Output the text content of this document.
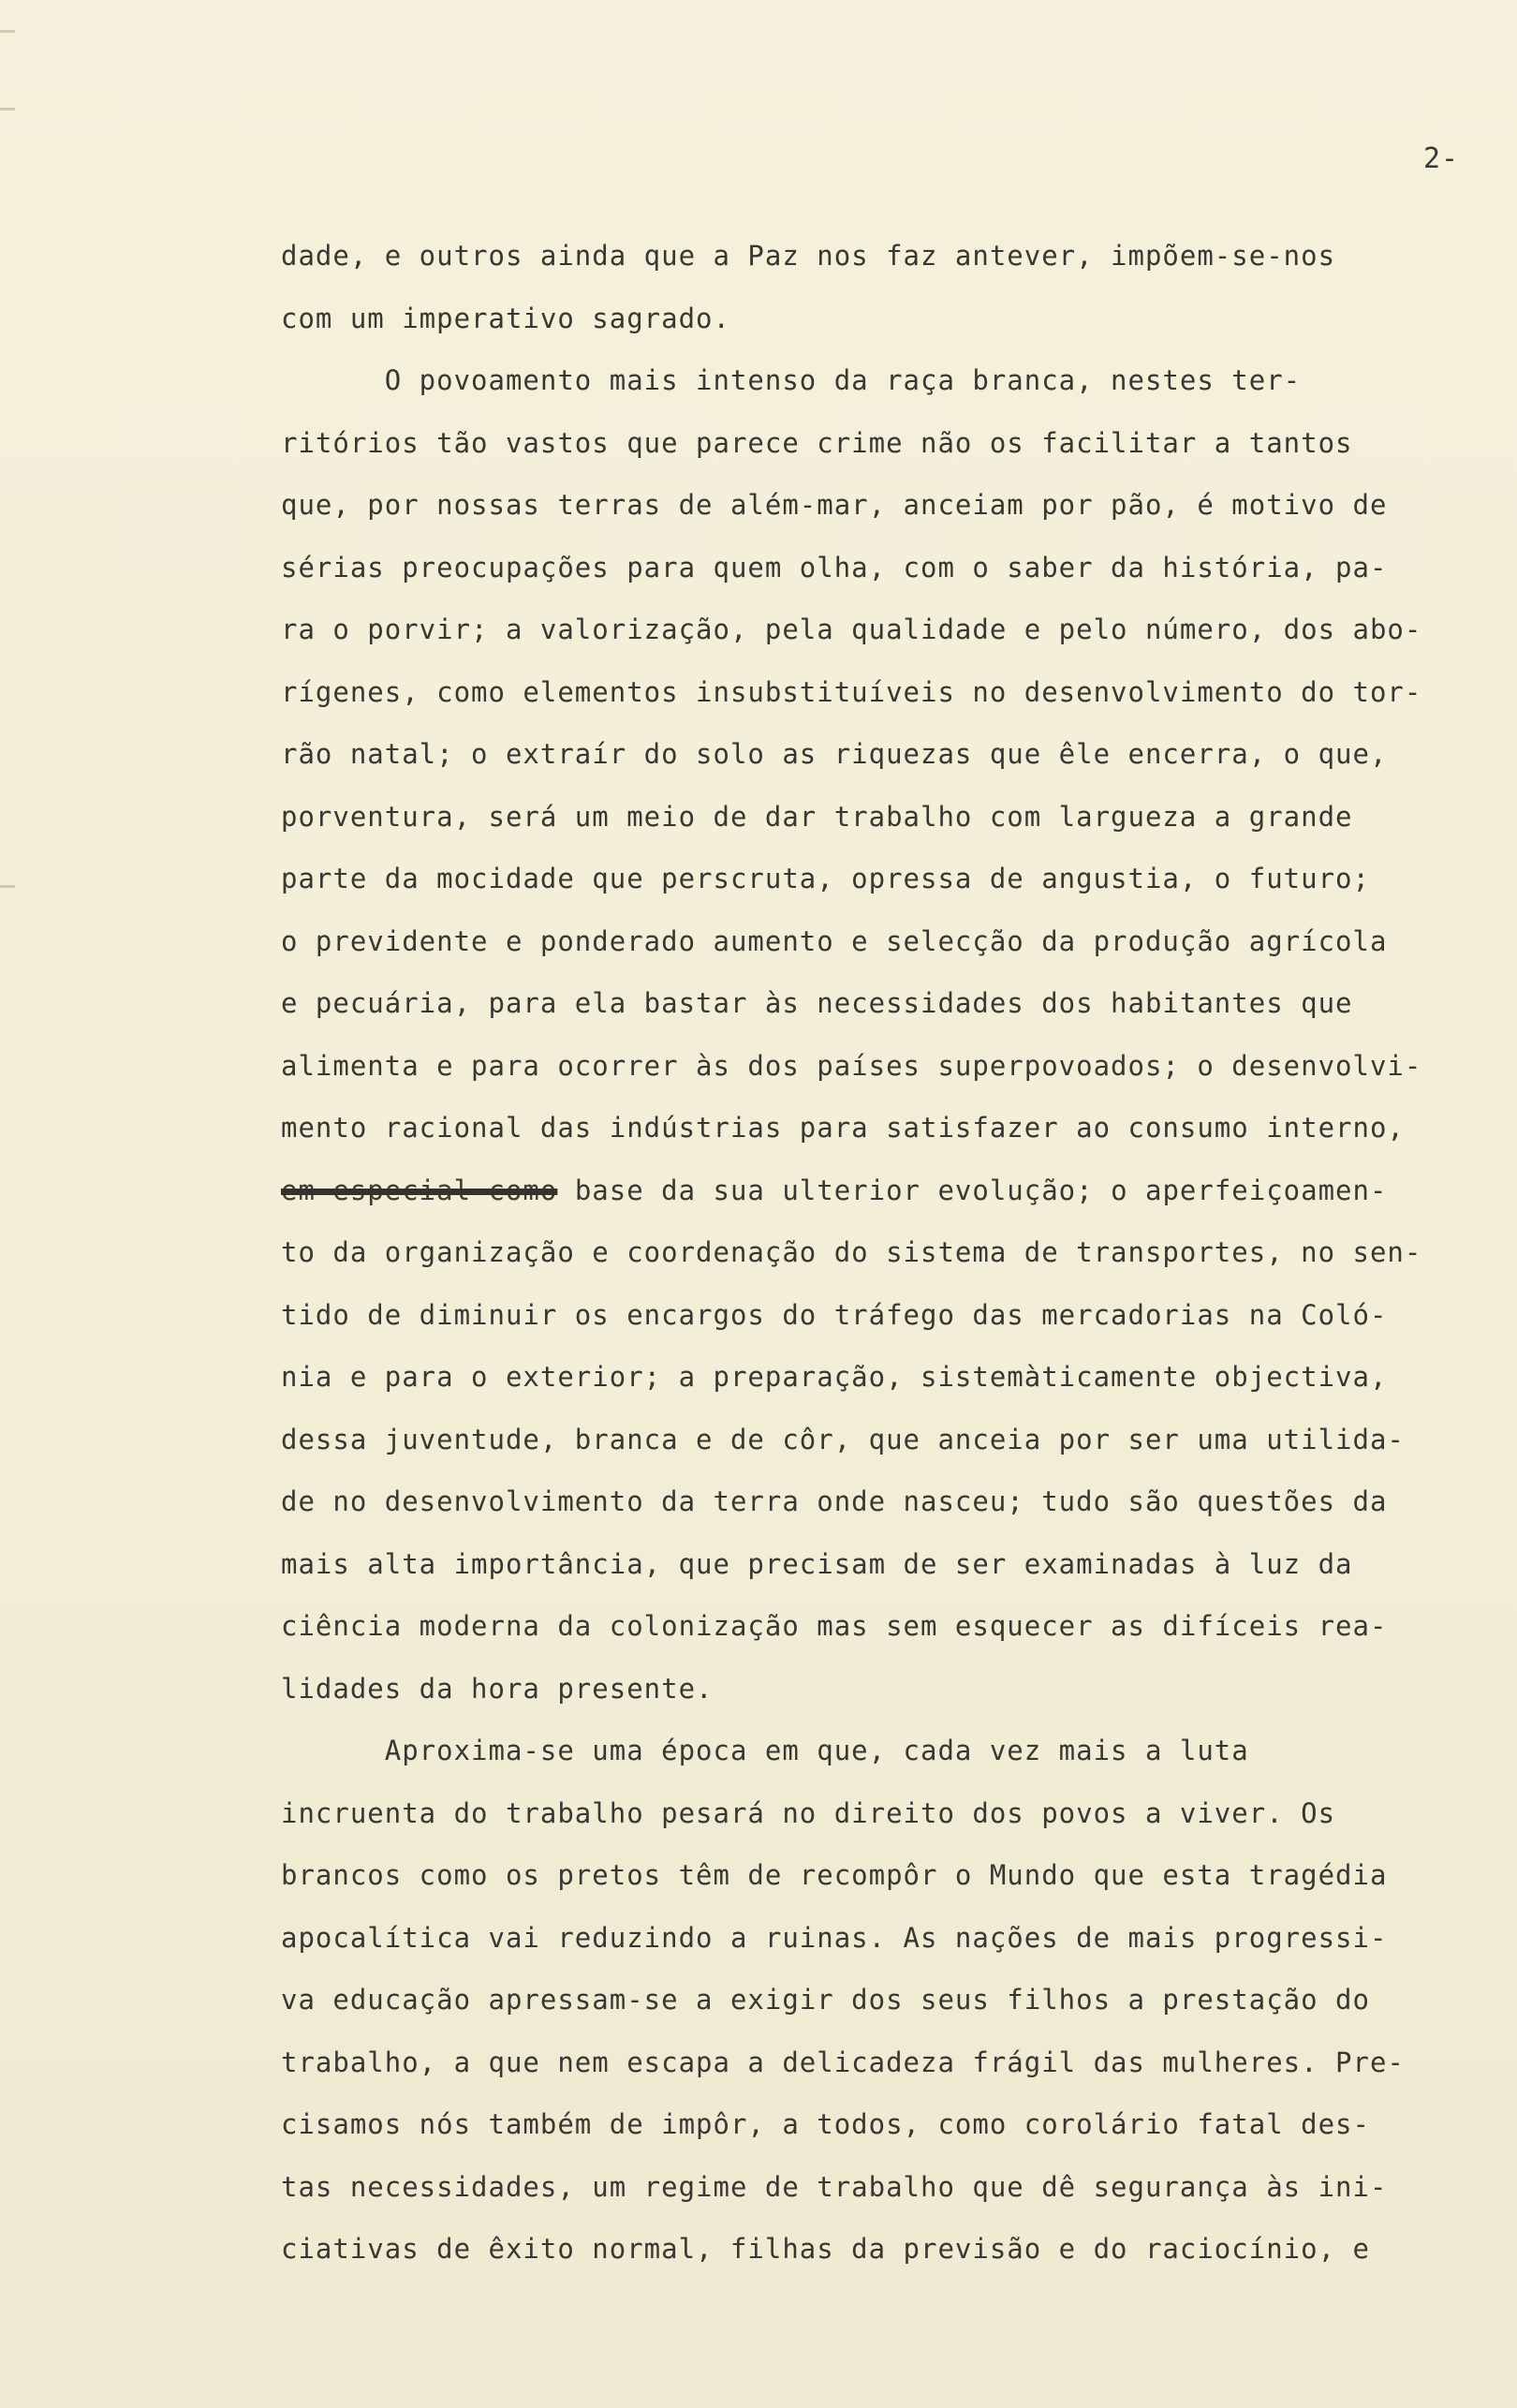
2-
dade, e outros ainda que a Paz nos faz antever, impõem-se-nos
com um imperativo sagrado.
O povoamento mais intenso da raça branca, nestes ter-
ritórios tão vastos que parece crime não os facilitar a tantos
que, por nossas terras de além-mar, anceiam por pão, é motivo de
sérias preocupações para quem olha, com o saber da história, pa-
ra o porvir; a valorização, pela qualidade e pelo número, dos abo-
rígenes, como elementos insubstituíveis no desenvolvimento do tor-
rão natal; o extraír do solo as riquezas que êle encerra, o que,
porventura, será um meio de dar trabalho com largueza a grande
parte da mocidade que perscruta, opressa de angustia, o futuro;
o previdente e ponderado aumento e selecção da produção agrícola
e pecuária, para ela bastar às necessidades dos habitantes que
alimenta e para ocorrer às dos países superpovoados; o desenvolvi-
mento racional das indústrias para satisfazer ao consumo interno,
em especial como base da sua ulterior evolução; o aperfeiçoamen-
to da organização e coordenação do sistema de transportes, no sen-
tido de diminuir os encargos do tráfego das mercadorias na Coló-
nia e para o exterior; a preparação, sistemàticamente objectiva,
dessa juventude, branca e de côr, que anceia por ser uma utilida-
de no desenvolvimento da terra onde nasceu; tudo são questões da
mais alta importância, que precisam de ser examinadas à luz da
ciência moderna da colonização mas sem esquecer as difíceis rea-
lidades da hora presente.
Aproxima-se uma época em que, cada vez mais a luta
incruenta do trabalho pesará no direito dos povos a viver. Os
brancos como os pretos têm de recompôr o Mundo que esta tragédia
apocalítica vai reduzindo a ruinas. As nações de mais progressi-
va educação apressam-se a exigir dos seus filhos a prestação do
trabalho, a que nem escapa a delicadeza frágil das mulheres. Pre-
cisamos nós também de impôr, a todos, como corolário fatal des-
tas necessidades, um regime de trabalho que dê segurança às ini-
ciativas de êxito normal, filhas da previsão e do raciocínio, e
